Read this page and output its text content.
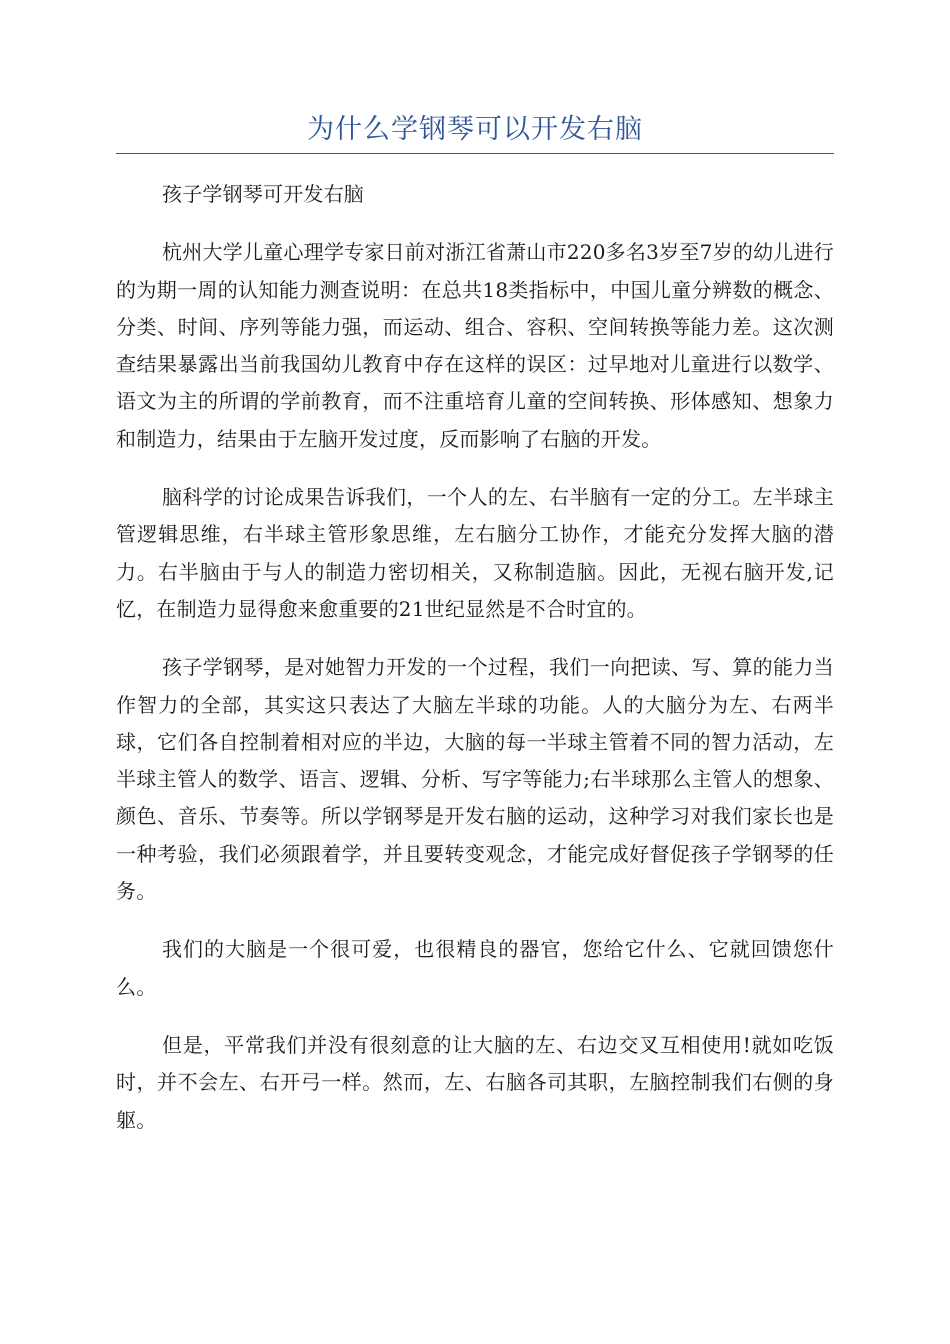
为什么学钢琴可以开发右脑

孩子学钢琴可开发右脑

杭州大学儿童心理学专家日前对浙江省萧山市220多名3岁至7岁的幼儿进行的为期一周的认知能力测查说明：在总共18类指标中，中国儿童分辨数的概念、分类、时间、序列等能力强，而运动、组合、容积、空间转换等能力差。这次测查结果暴露出当前我国幼儿教育中存在这样的误区：过早地对儿童进行以数学、语文为主的所谓的学前教育，而不注重培育儿童的空间转换、形体感知、想象力和制造力，结果由于左脑开发过度，反而影响了右脑的开发。

脑科学的讨论成果告诉我们，一个人的左、右半脑有一定的分工。左半球主管逻辑思维，右半球主管形象思维，左右脑分工协作，才能充分发挥大脑的潜力。右半脑由于与人的制造力密切相关，又称制造脑。因此，无视右脑开发,记忆，在制造力显得愈来愈重要的21世纪显然是不合时宜的。

孩子学钢琴，是对她智力开发的一个过程，我们一向把读、写、算的能力当作智力的全部，其实这只表达了大脑左半球的功能。人的大脑分为左、右两半球，它们各自控制着相对应的半边，大脑的每一半球主管着不同的智力活动，左半球主管人的数学、语言、逻辑、分析、写字等能力;右半球那么主管人的想象、颜色、音乐、节奏等。所以学钢琴是开发右脑的运动，这种学习对我们家长也是一种考验，我们必须跟着学，并且要转变观念，才能完成好督促孩子学钢琴的任务。

我们的大脑是一个很可爱，也很精良的器官，您给它什么、它就回馈您什么。

但是，平常我们并没有很刻意的让大脑的左、右边交叉互相使用!就如吃饭时，并不会左、右开弓一样。然而，左、右脑各司其职，左脑控制我们右侧的身躯。
